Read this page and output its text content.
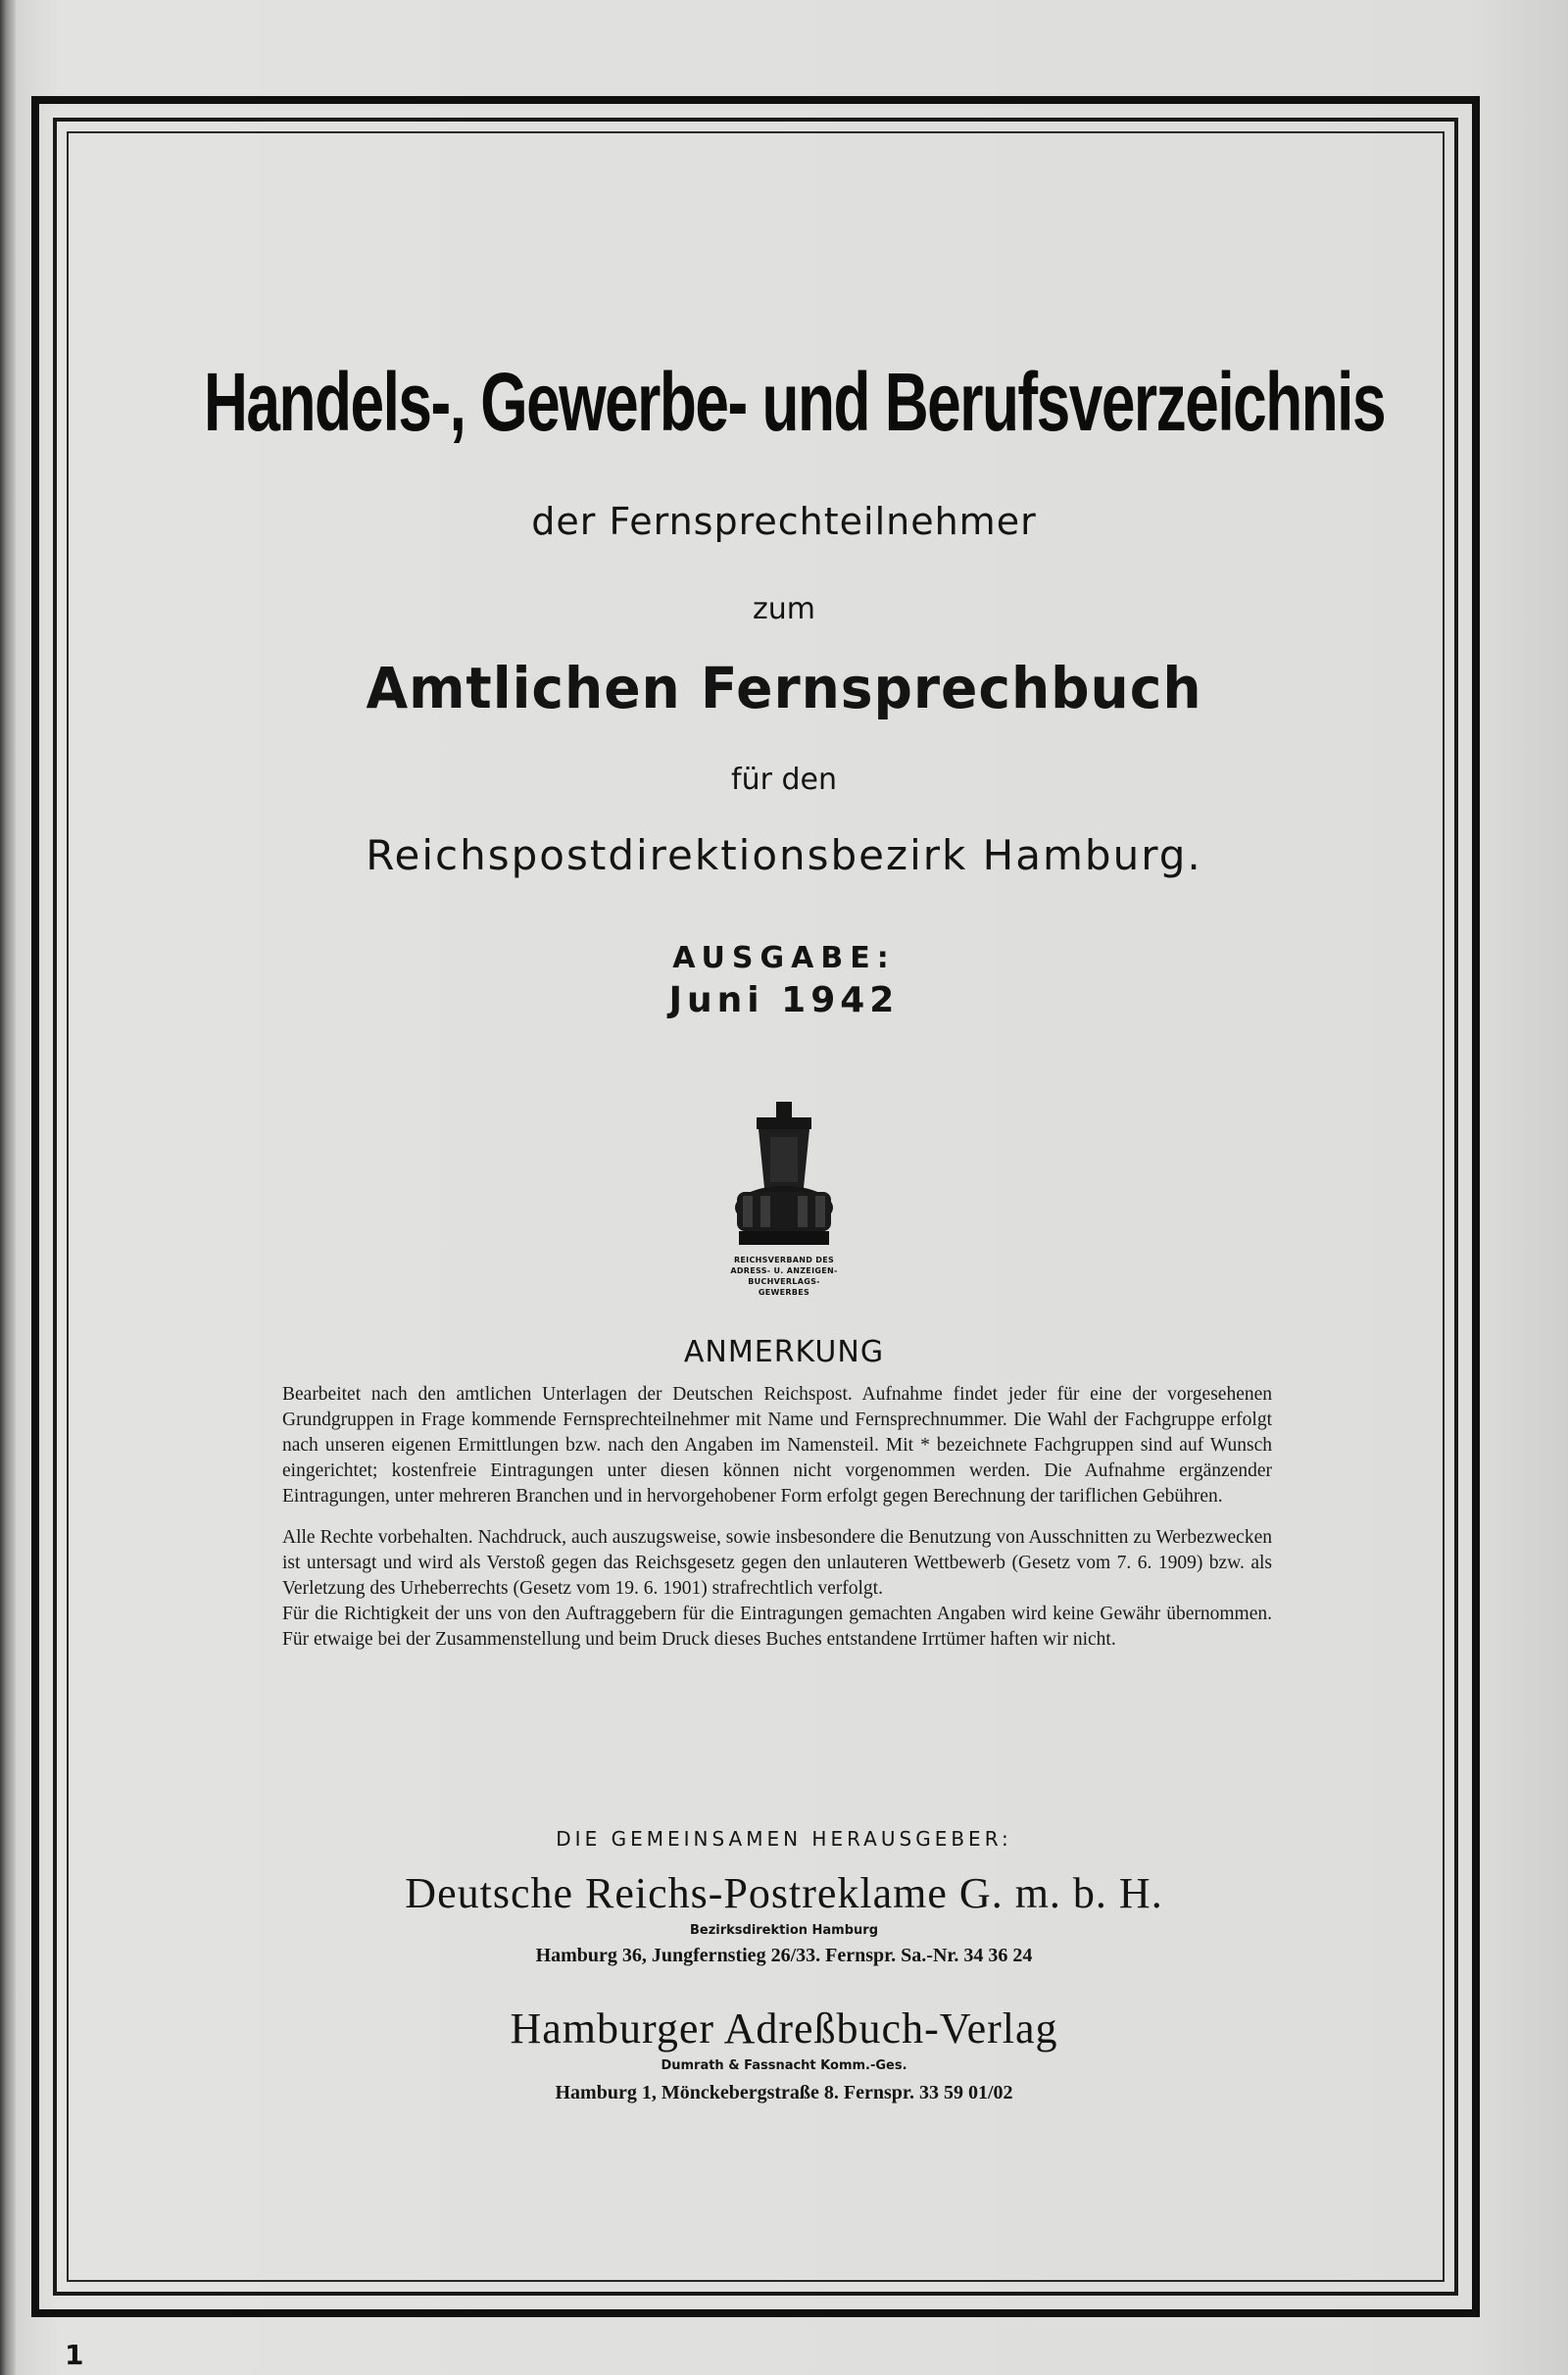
Handels-, Gewerbe- und Berufsverzeichnis
der Fernsprechteilnehmer
zum
Amtlichen Fernsprechbuch
für den
Reichspostdirektionsbezirk Hamburg.
AUSGABE:
Juni 1942
REICHSVERBAND DES
ADRESS- U. ANZEIGEN-
BUCHVERLAGS-
GEWERBES
ANMERKUNG

Bearbeitet nach den amtlichen Unterlagen der Deutschen Reichspost. Aufnahme findet jeder für eine der vorgesehenen Grundgruppen in Frage kommende Fernsprechteilnehmer mit Name und Fernsprechnummer. Die Wahl der Fachgruppe erfolgt nach unseren eigenen Ermittlungen bzw. nach den Angaben im Namensteil. Mit * bezeichnete Fachgruppen sind auf Wunsch eingerichtet; kostenfreie Eintragungen unter diesen können nicht vorgenommen werden. Die Aufnahme ergänzender Eintragungen, unter mehreren Branchen und in hervorgehobener Form erfolgt gegen Berechnung der tariflichen Gebühren.

Alle Rechte vorbehalten. Nachdruck, auch auszugsweise, sowie insbesondere die Benutzung von Ausschnitten zu Werbezwecken ist untersagt und wird als Verstoß gegen das Reichsgesetz gegen den unlauteren Wettbewerb (Gesetz vom 7. 6. 1909) bzw. als Verletzung des Urheberrechts (Gesetz vom 19. 6. 1901) strafrechtlich verfolgt.

Für die Richtigkeit der uns von den Auftraggebern für die Eintragungen gemachten Angaben wird keine Gewähr übernommen. Für etwaige bei der Zusammenstellung und beim Druck dieses Buches entstandene Irrtümer haften wir nicht.

DIE GEMEINSAMEN HERAUSGEBER:
Deutsche Reichs-Postreklame G. m. b. H.
Bezirksdirektion Hamburg
Hamburg 36, Jungfernstieg 26/33. Fernspr. Sa.-Nr. 34 36 24
Hamburger Adreßbuch-Verlag
Dumrath & Fassnacht Komm.-Ges.
Hamburg 1, Mönckebergstraße 8. Fernspr. 33 59 01/02
1
